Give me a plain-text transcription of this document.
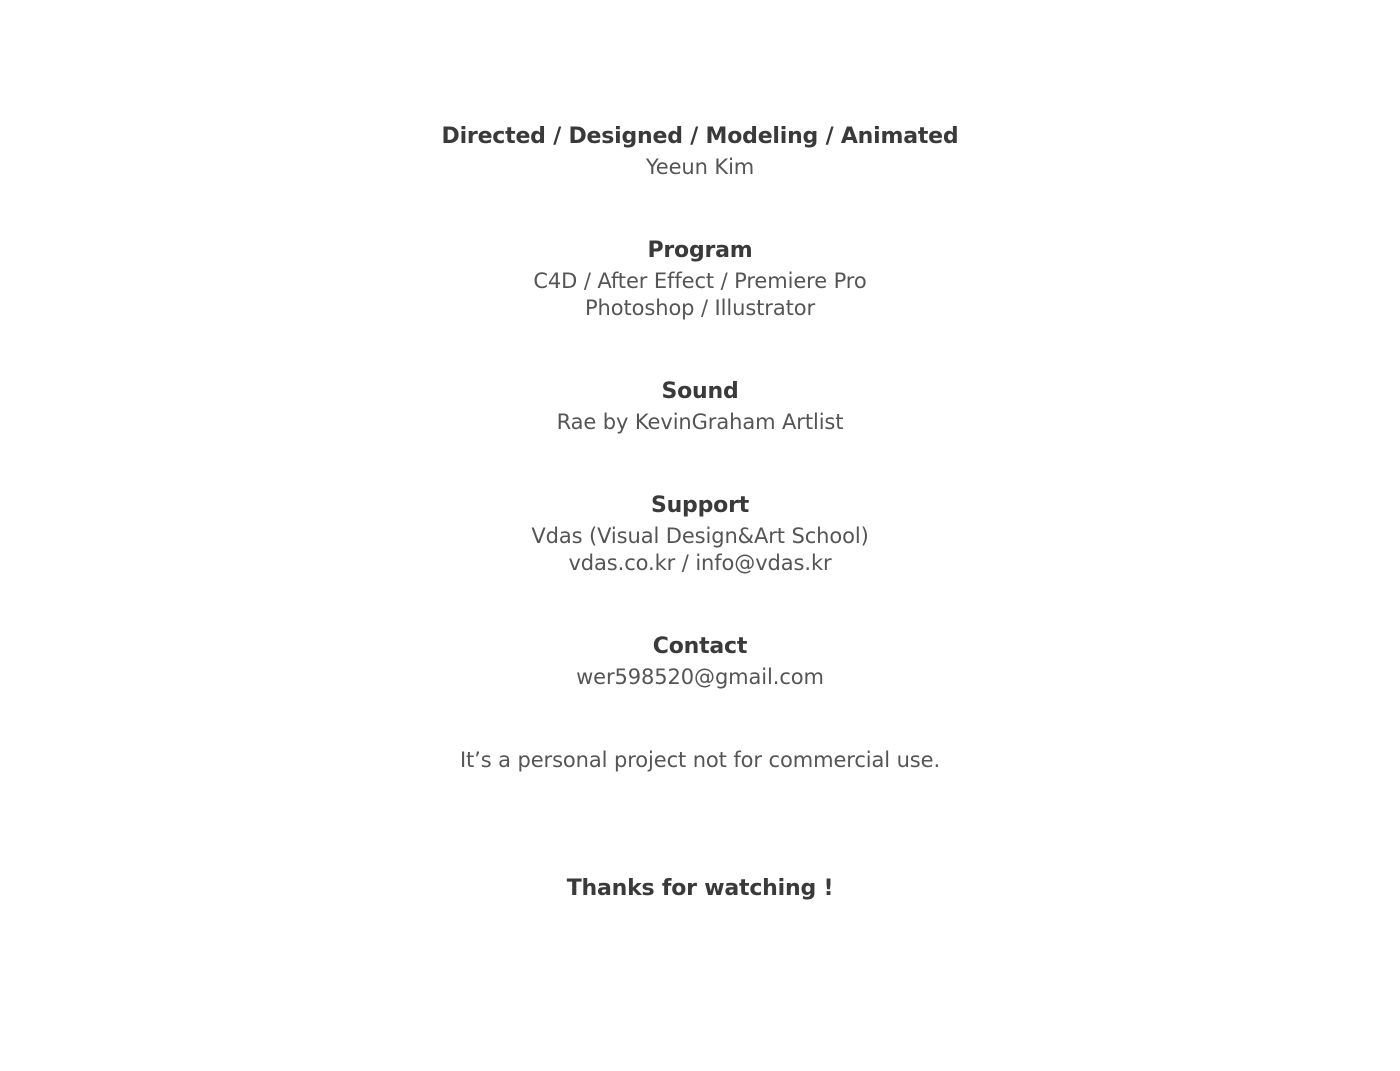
Directed / Designed / Modeling / Animated

Yeeun Kim

Program

C4D / After Effect / Premiere Pro

Photoshop / Illustrator

Sound

Rae by KevinGraham Artlist

Support

Vdas (Visual Design&Art School)

vdas.co.kr / info@vdas.kr

Contact

wer598520@gmail.com

It’s a personal project not for commercial use.

Thanks for watching !
